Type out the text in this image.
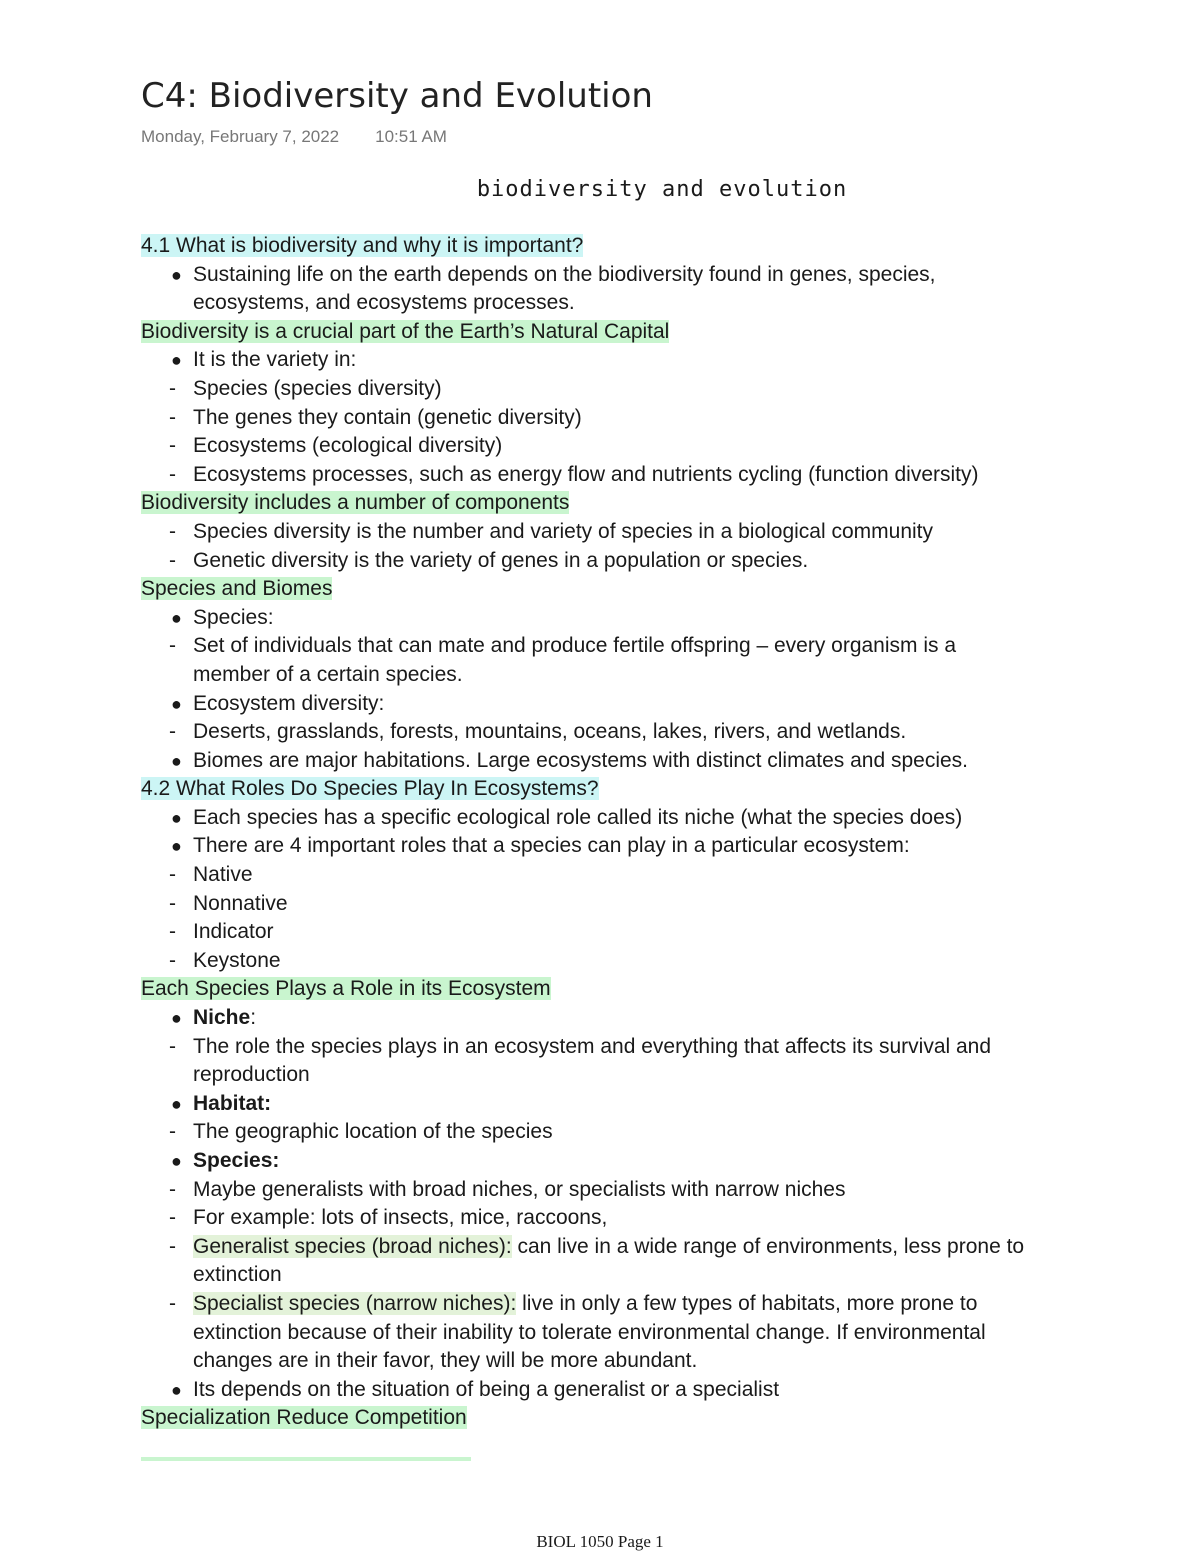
C4: Biodiversity and Evolution
Monday, February 7, 2022 10:51 AM
biodiversity and evolution
4.1 What is biodiversity and why it is important?
● Sustaining life on the earth depends on the biodiversity found in genes, species,
ecosystems, and ecosystems processes.
Biodiversity is a crucial part of the Earth’s Natural Capital
● It is the variety in:
- Species (species diversity)
- The genes they contain (genetic diversity)
- Ecosystems (ecological diversity)
- Ecosystems processes, such as energy flow and nutrients cycling (function diversity)
Biodiversity includes a number of components
- Species diversity is the number and variety of species in a biological community
- Genetic diversity is the variety of genes in a population or species.
Species and Biomes
● Species:
- Set of individuals that can mate and produce fertile offspring – every organism is a
member of a certain species.
● Ecosystem diversity:
- Deserts, grasslands, forests, mountains, oceans, lakes, rivers, and wetlands.
● Biomes are major habitations. Large ecosystems with distinct climates and species.
4.2 What Roles Do Species Play In Ecosystems?
● Each species has a specific ecological role called its niche (what the species does)
● There are 4 important roles that a species can play in a particular ecosystem:
- Native
- Nonnative
- Indicator
- Keystone
Each Species Plays a Role in its Ecosystem
● Niche:
- The role the species plays in an ecosystem and everything that affects its survival and
reproduction
● Habitat:
- The geographic location of the species
● Species:
- Maybe generalists with broad niches, or specialists with narrow niches
- For example: lots of insects, mice, raccoons,
- Generalist species (broad niches): can live in a wide range of environments, less prone to
extinction
- Specialist species (narrow niches): live in only a few types of habitats, more prone to
extinction because of their inability to tolerate environmental change. If environmental
changes are in their favor, they will be more abundant.
● Its depends on the situation of being a generalist or a specialist
Specialization Reduce Competition
BIOL 1050 Page 1
